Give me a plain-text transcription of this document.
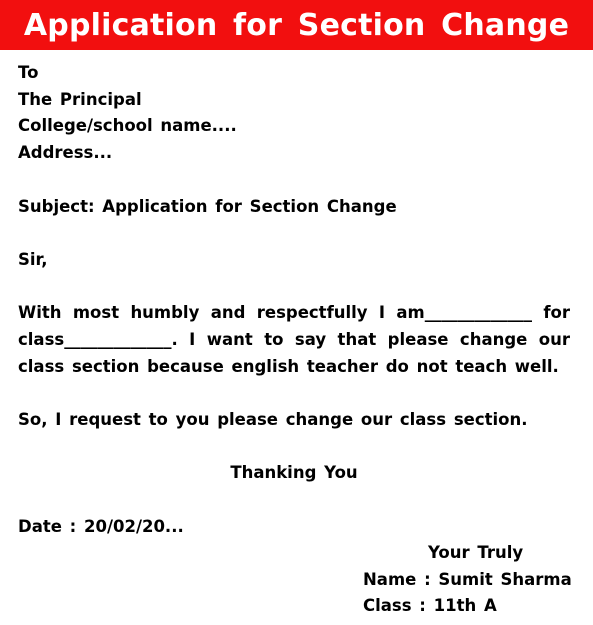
Application for Section Change
To
The Principal
College/school name....
Address...
Subject: Application for Section Change
Sir,
With most humbly and respectfully I am_____________ for
class_____________. I want to say that please change our
class section because english teacher do not teach well.
So, I request to you please change our class section.
Thanking You
Date : 20/02/20...
Your Truly
Name : Sumit Sharma
Class : 11th A
